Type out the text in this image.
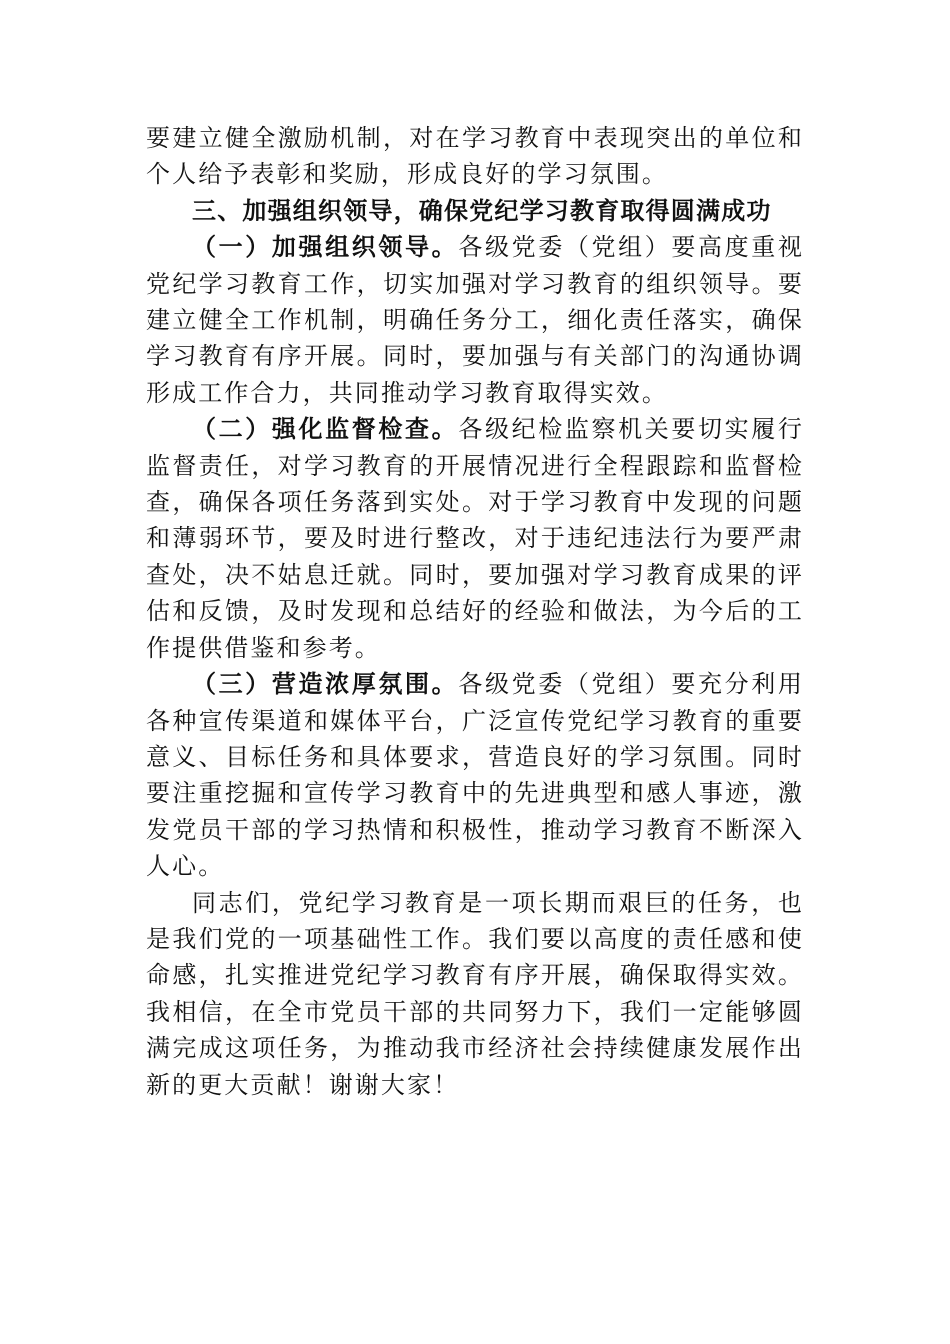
要建立健全激励机制，对在学习教育中表现突出的单位和个人给予表彰和奖励，形成良好的学习氛围。

三、加强组织领导，确保党纪学习教育取得圆满成功

（一）加强组织领导。各级党委（党组）要高度重视党纪学习教育工作，切实加强对学习教育的组织领导。要建立健全工作机制，明确任务分工，细化责任落实，确保学习教育有序开展。同时，要加强与有关部门的沟通协调形成工作合力，共同推动学习教育取得实效。

（二）强化监督检查。各级纪检监察机关要切实履行监督责任，对学习教育的开展情况进行全程跟踪和监督检查，确保各项任务落到实处。对于学习教育中发现的问题和薄弱环节，要及时进行整改，对于违纪违法行为要严肃查处，决不姑息迁就。同时，要加强对学习教育成果的评估和反馈，及时发现和总结好的经验和做法，为今后的工作提供借鉴和参考。

（三）营造浓厚氛围。各级党委（党组）要充分利用各种宣传渠道和媒体平台，广泛宣传党纪学习教育的重要意义、目标任务和具体要求，营造良好的学习氛围。同时要注重挖掘和宣传学习教育中的先进典型和感人事迹，激发党员干部的学习热情和积极性，推动学习教育不断深入人心。

同志们，党纪学习教育是一项长期而艰巨的任务，也是我们党的一项基础性工作。我们要以高度的责任感和使命感，扎实推进党纪学习教育有序开展，确保取得实效。我相信，在全市党员干部的共同努力下，我们一定能够圆满完成这项任务，为推动我市经济社会持续健康发展作出新的更大贡献！谢谢大家！
